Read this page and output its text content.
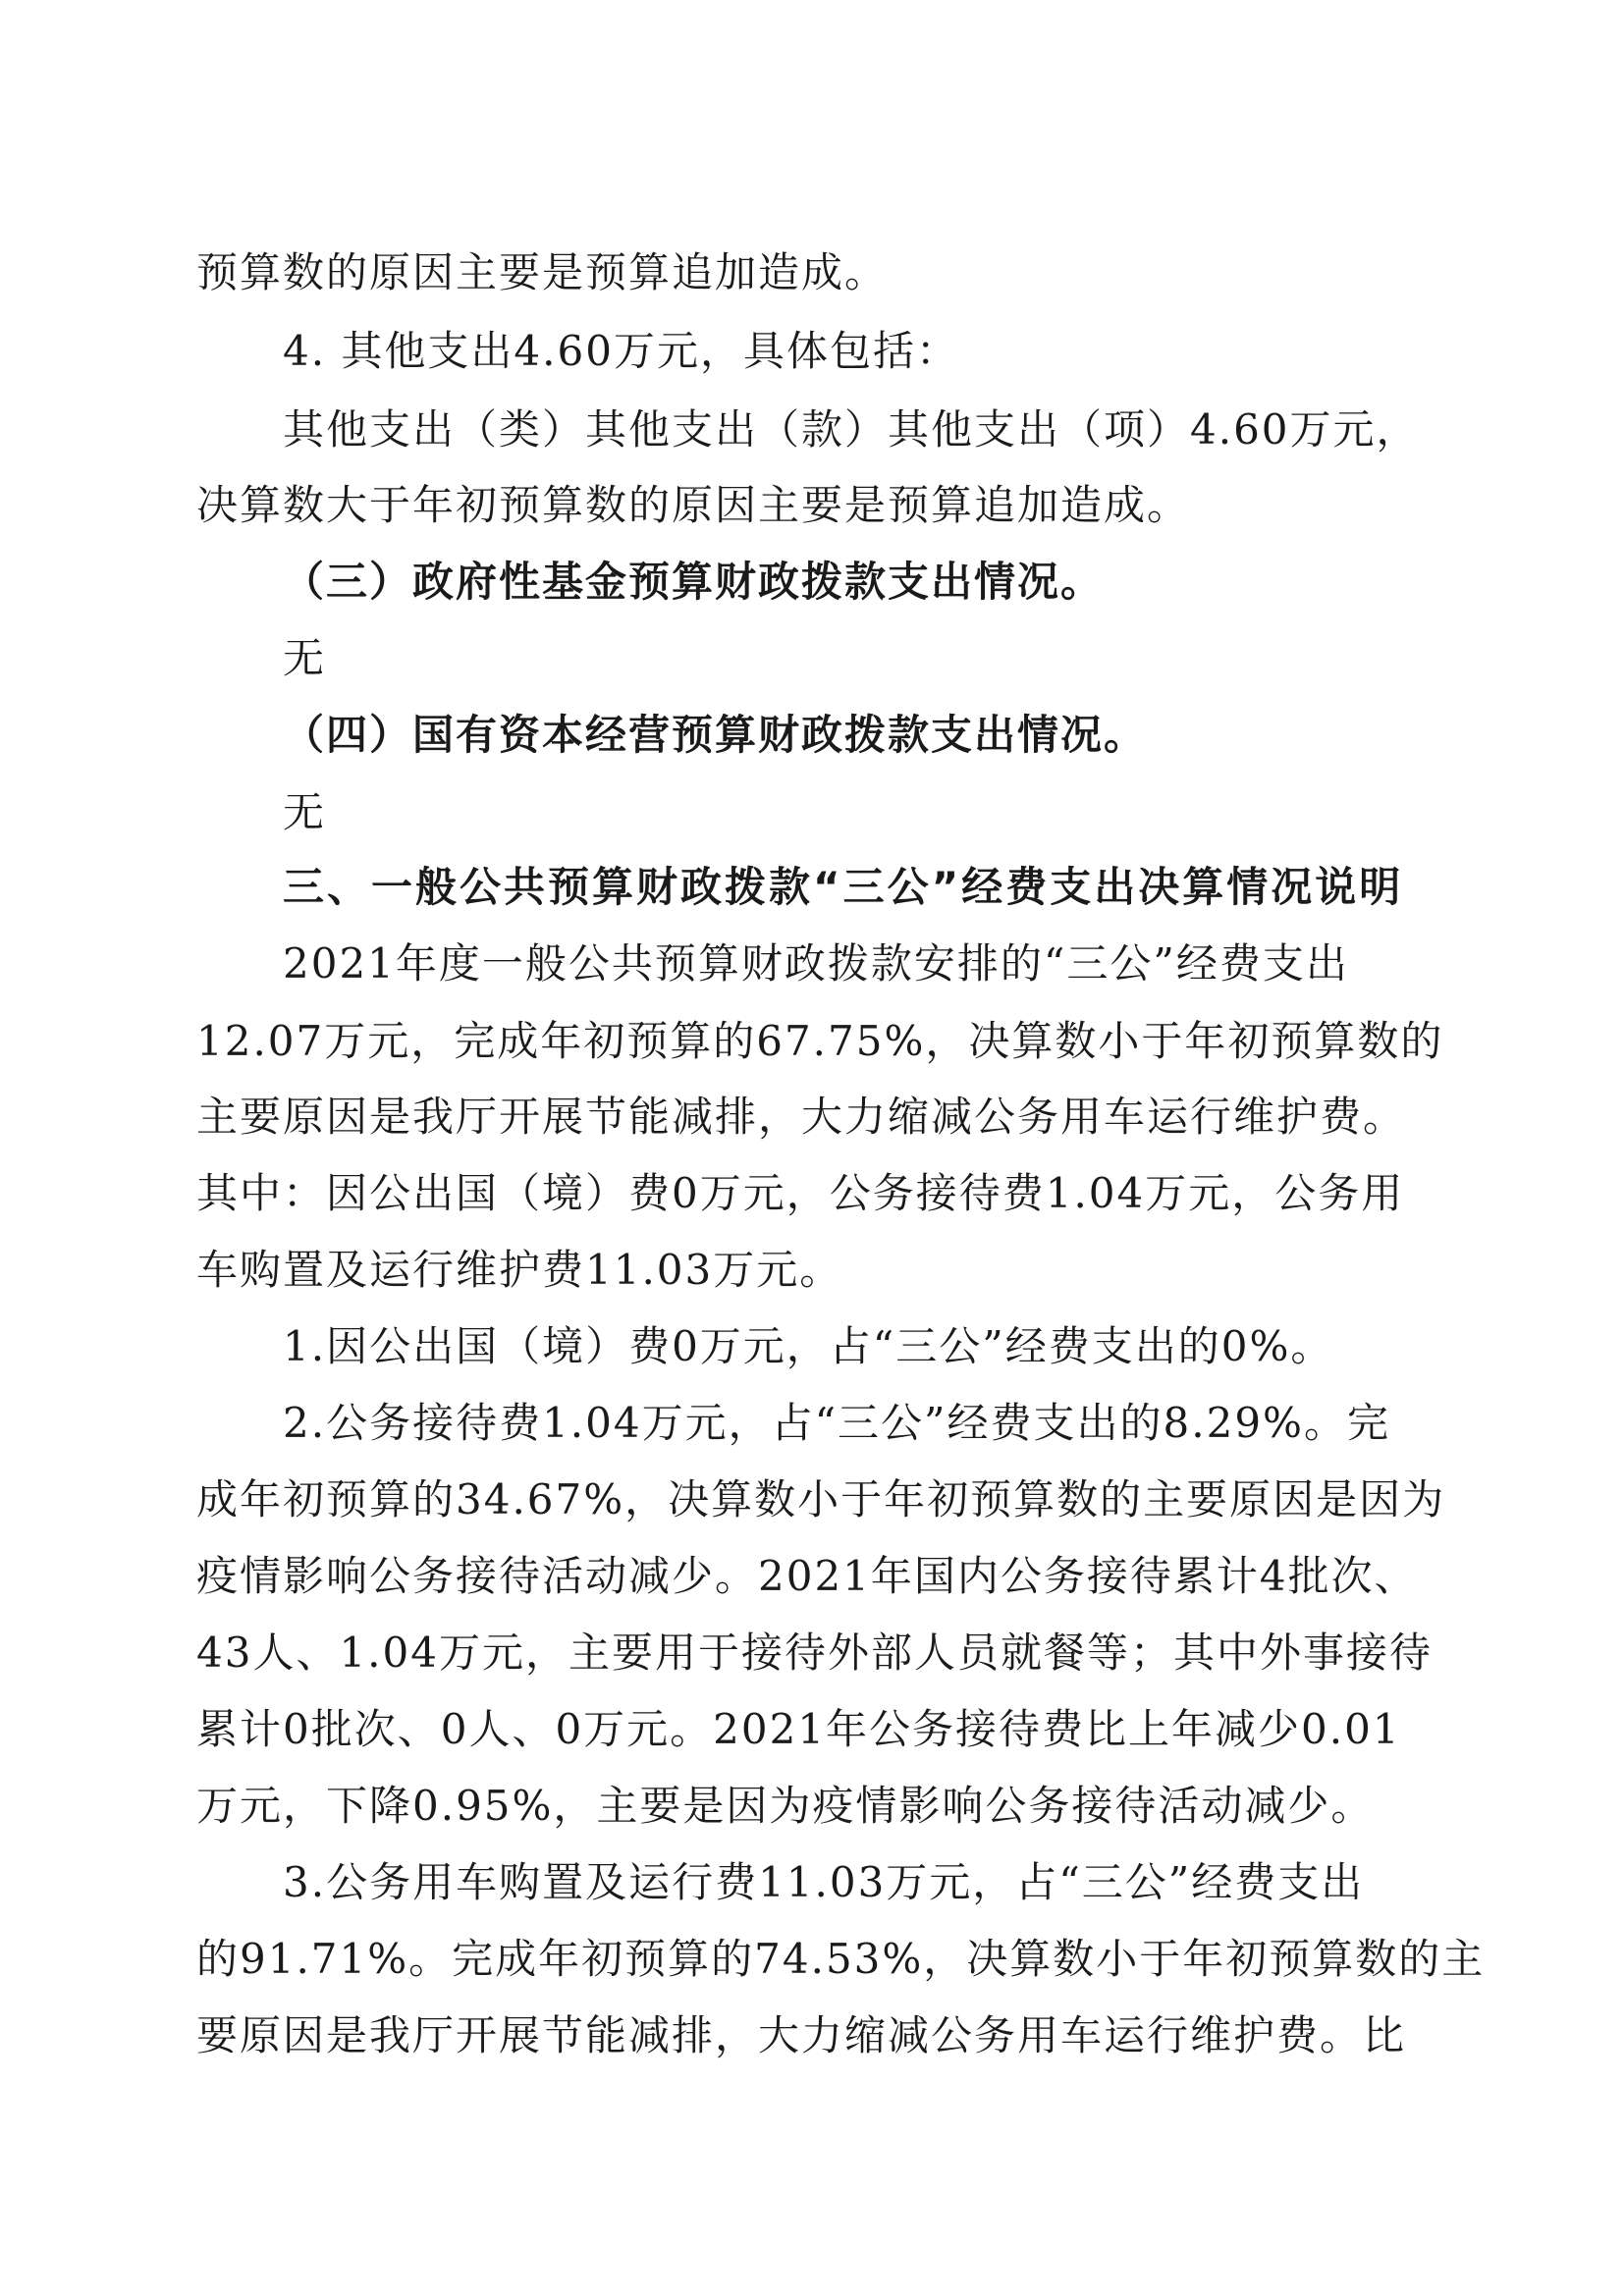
预算数的原因主要是预算追加造成。
4. 其他支出4.60万元，具体包括：
其他支出（类）其他支出（款）其他支出（项）4.60万元，
决算数大于年初预算数的原因主要是预算追加造成。
（三）政府性基金预算财政拨款支出情况。
无
（四）国有资本经营预算财政拨款支出情况。
无
三、一般公共预算财政拨款“三公”经费支出决算情况说明
2021年度一般公共预算财政拨款安排的“三公”经费支出
12.07万元，完成年初预算的67.75%，决算数小于年初预算数的
主要原因是我厅开展节能减排，大力缩减公务用车运行维护费。
其中：因公出国（境）费0万元，公务接待费1.04万元，公务用
车购置及运行维护费11.03万元。
1.因公出国（境）费0万元，占“三公”经费支出的0%。
2.公务接待费1.04万元，占“三公”经费支出的8.29%。完
成年初预算的34.67%，决算数小于年初预算数的主要原因是因为
疫情影响公务接待活动减少。2021年国内公务接待累计4批次、
43人、1.04万元，主要用于接待外部人员就餐等；其中外事接待
累计0批次、0人、0万元。2021年公务接待费比上年减少0.01
万元，下降0.95%，主要是因为疫情影响公务接待活动减少。
3.公务用车购置及运行费11.03万元，占“三公”经费支出
的91.71%。完成年初预算的74.53%，决算数小于年初预算数的主
要原因是我厅开展节能减排，大力缩减公务用车运行维护费。比
